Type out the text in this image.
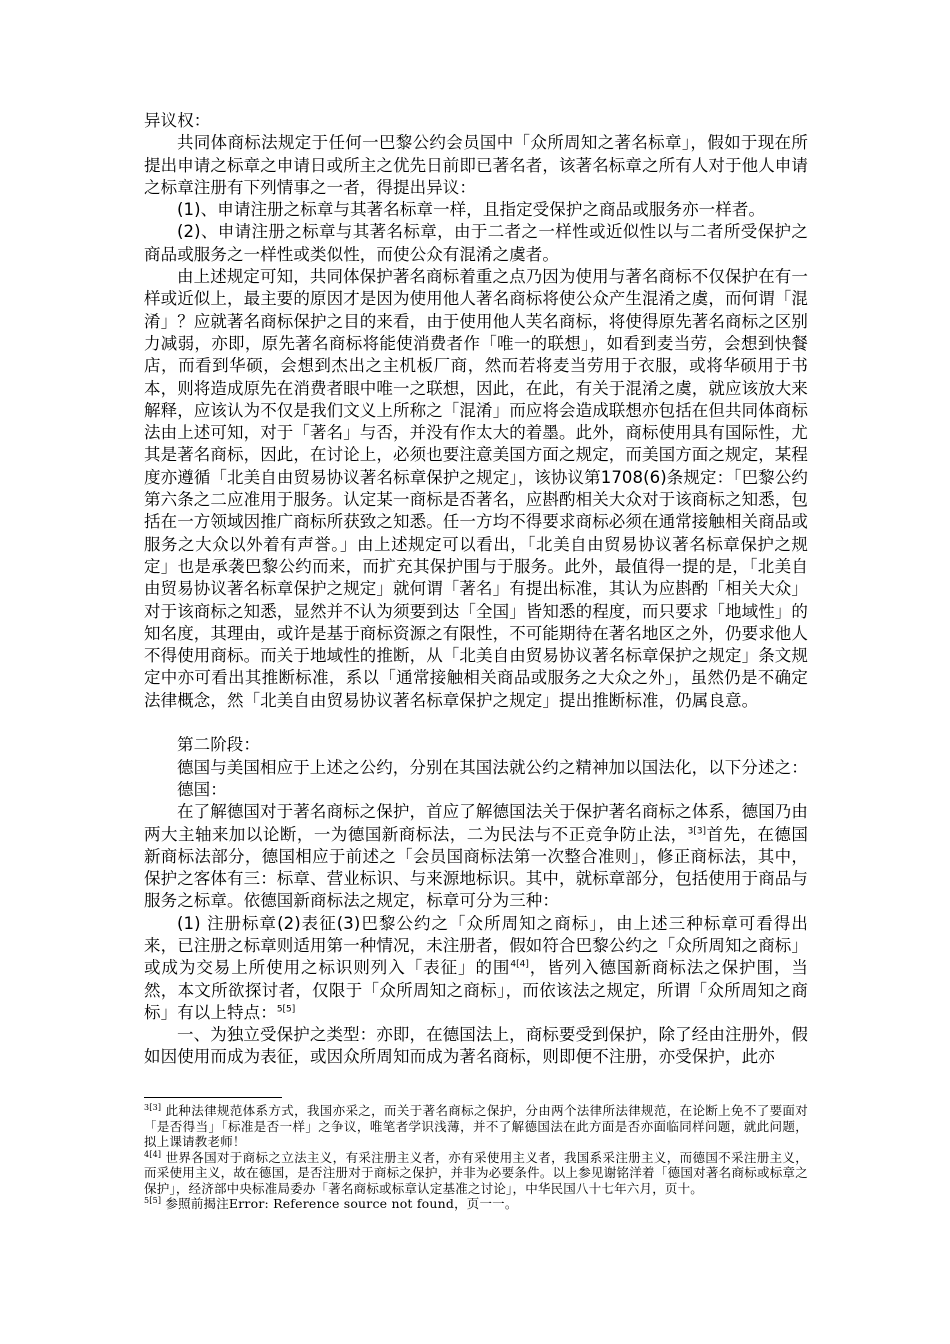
异议权：

共同体商标法规定于任何一巴黎公约会员国中「众所周知之著名标章」，假如于现在所提出申请之标章之申请日或所主之优先日前即已著名者，该著名标章之所有人对于他人申请之标章注册有下列情事之一者，得提出异议：

(1)、申请注册之标章与其著名标章一样，且指定受保护之商品或服务亦一样者。

(2)、申请注册之标章与其著名标章，由于二者之一样性或近似性以与二者所受保护之商品或服务之一样性或类似性，而使公众有混淆之虞者。

由上述规定可知，共同体保护著名商标着重之点乃因为使用与著名商标不仅保护在有一样或近似上，最主要的原因才是因为使用他人著名商标将使公众产生混淆之虞，而何谓「混淆」？应就著名商标保护之目的来看，由于使用他人芙名商标，将使得原先著名商标之区别力减弱，亦即，原先著名商标将能使消费者作「唯一的联想」，如看到麦当劳，会想到快餐店，而看到华硕，会想到杰出之主机板厂商，然而若将麦当劳用于衣服，或将华硕用于书本，则将造成原先在消费者眼中唯一之联想，因此，在此，有关于混淆之虞，就应该放大来解释，应该认为不仅是我们文义上所称之「混淆」而应将会造成联想亦包括在但共同体商标法由上述可知，对于「著名」与否，并没有作太大的着墨。此外，商标使用具有国际性，尤其是著名商标，因此，在讨论上，必须也要注意美国方面之规定，而美国方面之规定，某程度亦遵循「北美自由贸易协议著名标章保护之规定」，该协议第1708(6)条规定：「巴黎公约第六条之二应准用于服务。认定某一商标是否著名，应斟酌相关大众对于该商标之知悉，包括在一方领域因推广商标所获致之知悉。任一方均不得要求商标必须在通常接触相关商品或服务之大众以外着有声誉。」由上述规定可以看出，「北美自由贸易协议著名标章保护之规定」也是承袭巴黎公约而来，而扩充其保护围与于服务。此外，最值得一提的是，「北美自由贸易协议著名标章保护之规定」就何谓「著名」有提出标准，其认为应斟酌「相关大众」对于该商标之知悉，显然并不认为须要到达「全国」皆知悉的程度，而只要求「地域性」的知名度，其理由，或许是基于商标资源之有限性，不可能期待在著名地区之外，仍要求他人不得使用商标。而关于地域性的推断，从「北美自由贸易协议著名标章保护之规定」条文规定中亦可看出其推断标准，系以「通常接触相关商品或服务之大众之外」，虽然仍是不确定法律概念，然「北美自由贸易协议著名标章保护之规定」提出推断标准，仍属良意。

第二阶段：

德国与美国相应于上述之公约，分别在其国法就公约之精神加以国法化，以下分述之：

德国：

在了解德国对于著名商标之保护，首应了解德国法关于保护著名商标之体系，德国乃由两大主轴来加以论断，一为德国新商标法，二为民法与不正竞争防止法，$^{3[3]}$首先，在德国新商标法部分，德国相应于前述之「会员国商标法第一次整合准则」，修正商标法，其中，保护之客体有三：标章、营业标识、与来源地标识。其中，就标章部分，包括使用于商品与服务之标章。依德国新商标法之规定，标章可分为三种：

(1) 注册标章(2)表征(3)巴黎公约之「众所周知之商标」，由上述三种标章可看得出来，已注册之标章则适用第一种情况，未注册者，假如符合巴黎公约之「众所周知之商标」或成为交易上所使用之标识则列入「表征」的围$^{4[4]}$，皆列入德国新商标法之保护围，当然，本文所欲探讨者，仅限于「众所周知之商标」，而依该法之规定，所谓「众所周知之商标」有以上特点：$^{5[5]}$

一、为独立受保护之类型：亦即，在德国法上，商标要受到保护，除了经由注册外，假如因使用而成为表征，或因众所周知而成为著名商标，则即便不注册，亦受保护，此亦

$^{3[3]}$ 此种法律规范体系方式，我国亦采之，而关于著名商标之保护，分由两个法律所法律规范，在论断上免不了要面对「是否得当」「标准是否一样」之争议，唯笔者学识浅薄，并不了解德国法在此方面是否亦面临同样问题，就此问题，拟上课请教老师！

$^{4[4]}$ 世界各国对于商标之立法主义，有采注册主义者，亦有采使用主义者，我国系采注册主义，而德国不采注册主义，而采使用主义，故在德国，是否注册对于商标之保护，并非为必要条件。以上参见谢铭洋着「德国对著名商标或标章之保护」，经济部中央标准局委办「著名商标或标章认定基准之讨论」，中华民国八十七年六月，页十。

$^{5[5]}$ 参照前揭注Error: Reference source not found，页一一。
